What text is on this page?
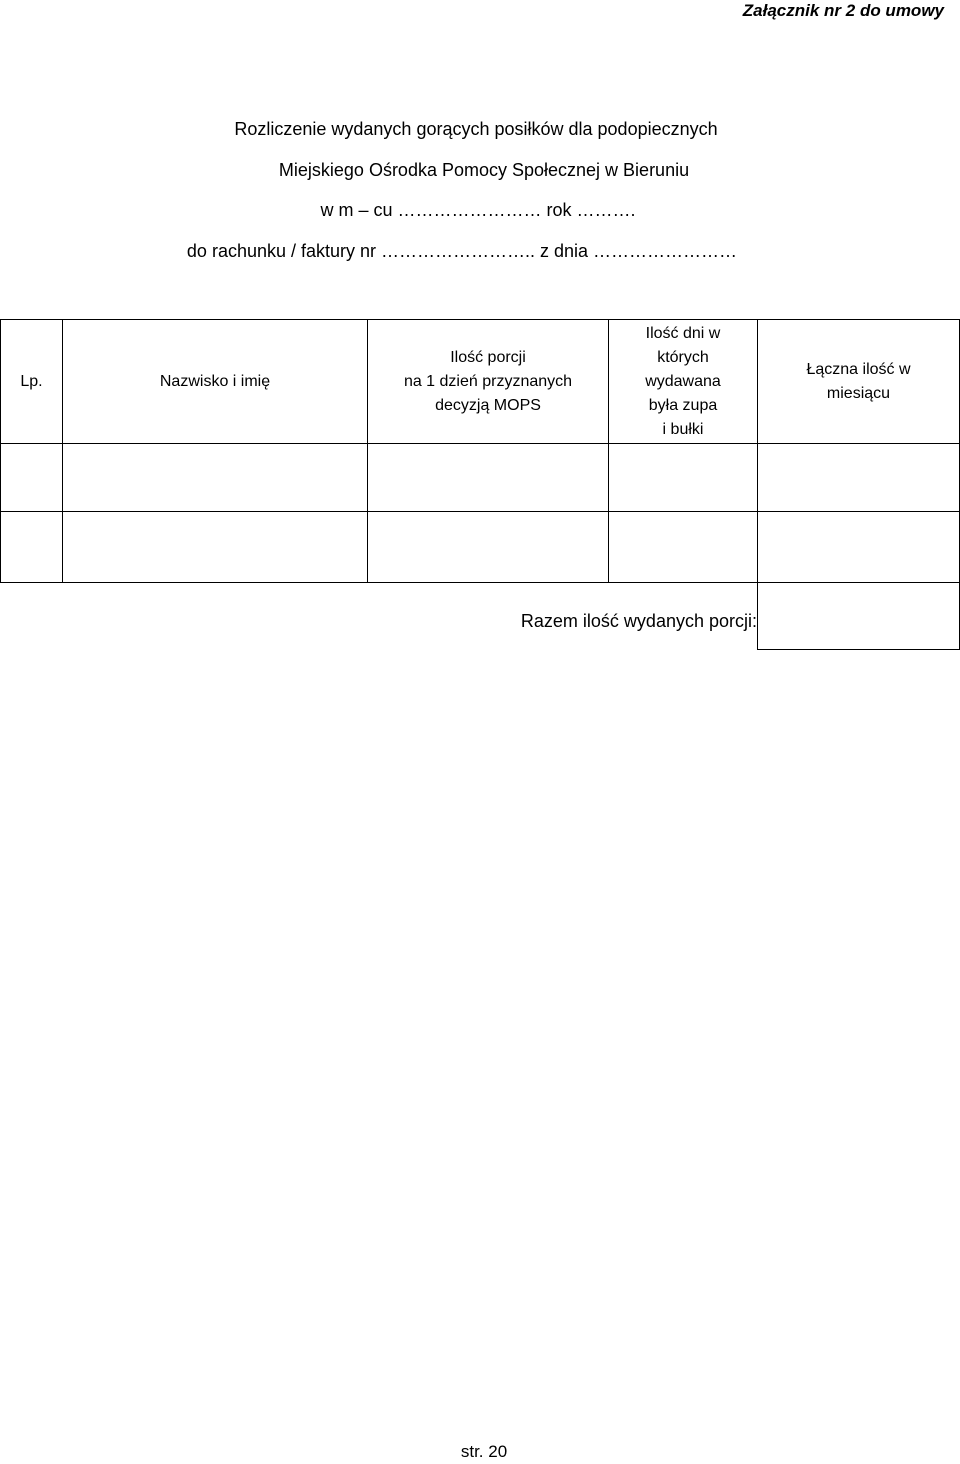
Załącznik nr 2 do umowy
Rozliczenie wydanych gorących posiłków dla podopiecznych
Miejskiego Ośrodka Pomocy Społecznej w Bieruniu
w m – cu …………………… rok ……….
do rachunku / faktury nr …………………….. z dnia ……………………
Lp.	Nazwisko i imię
Ilość porcji
na 1 dzień przyznanych
decyzją MOPS
Ilość dni w
których
wydawana
była zupa
i bułki
Łączna ilość w
miesiącu
Razem ilość wydanych porcji:
str. 20
